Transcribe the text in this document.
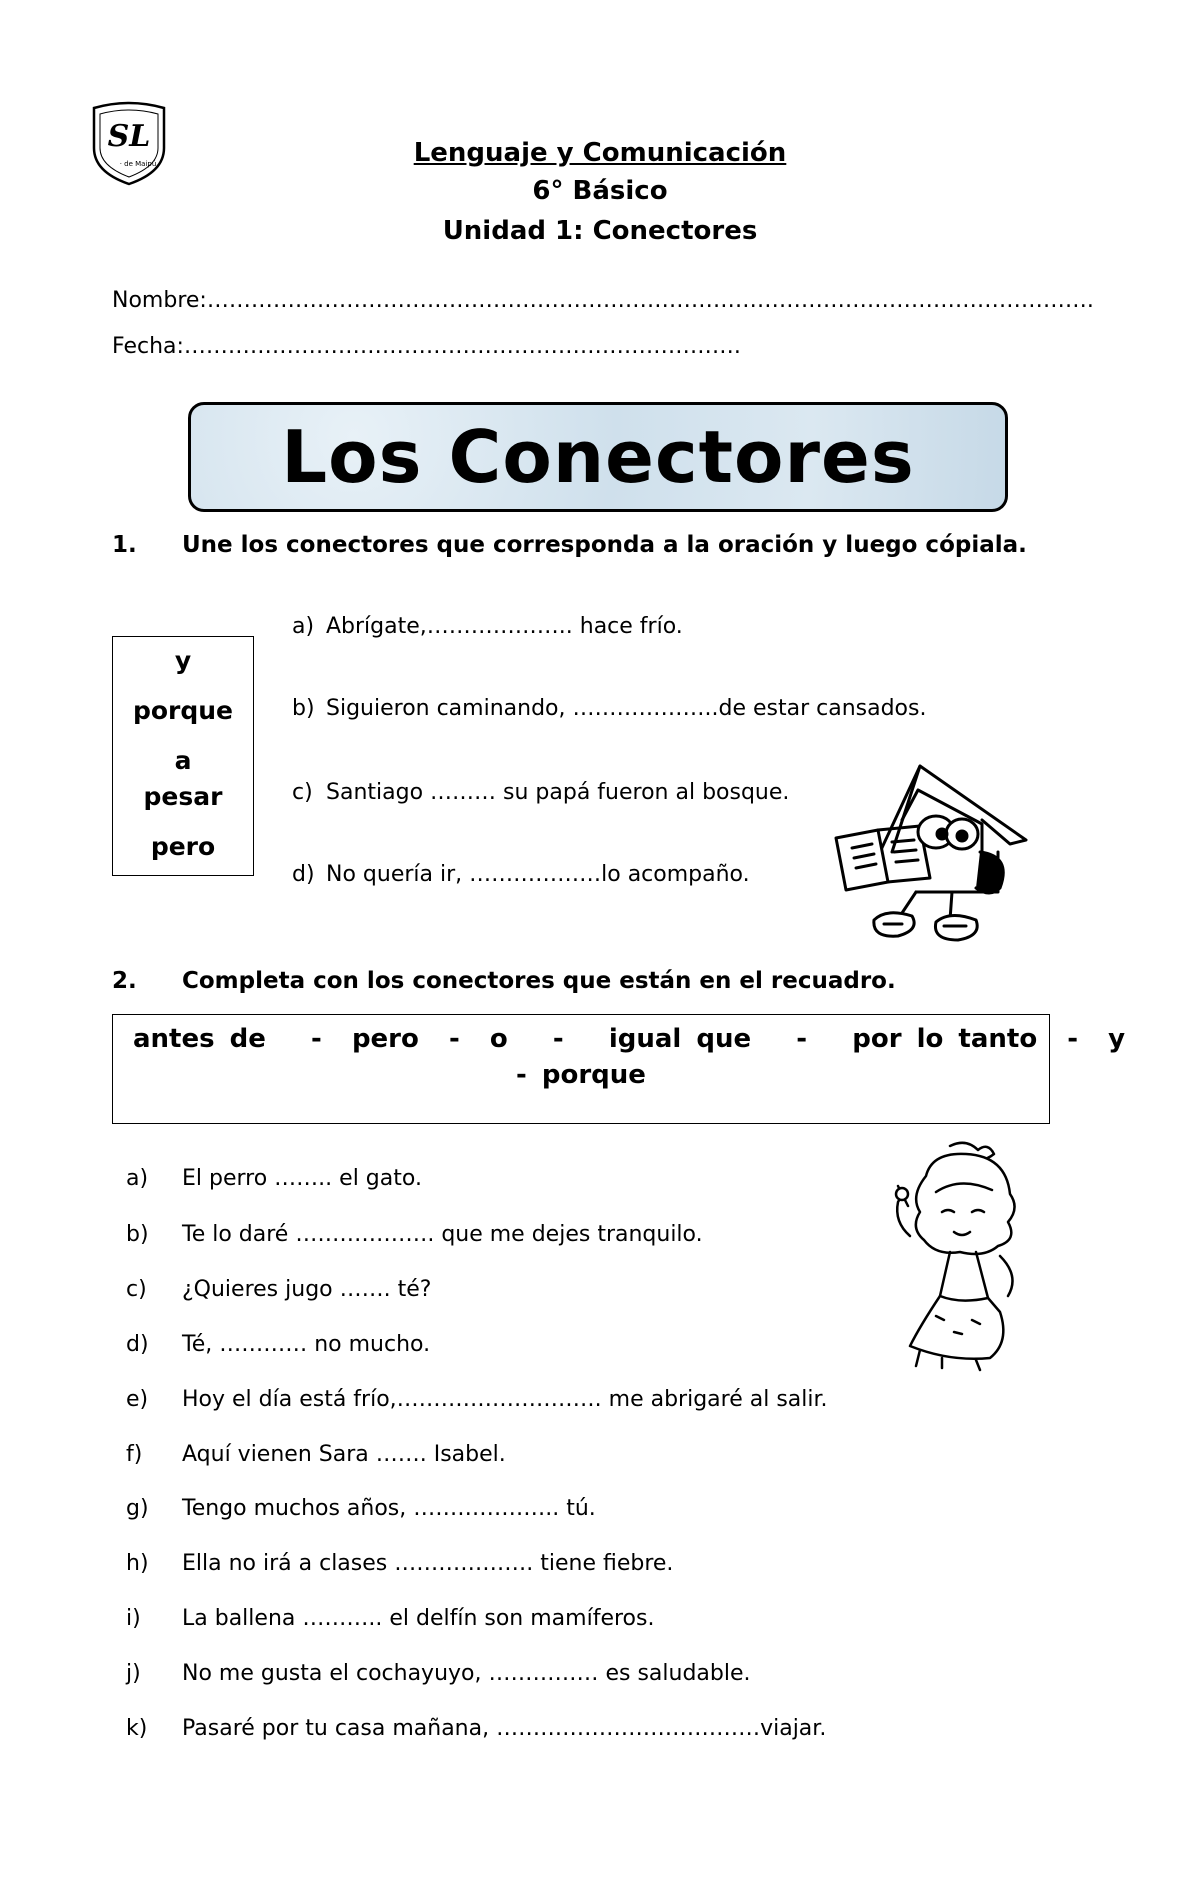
SL
· de Maipú	Lenguaje y Comunicación
6° Básico
Unidad 1: Conectores
Nombre:………………………………………………………………………………………………………….
Fecha:………………………………………………………………….
Los Conectores
1. Une los conectores que corresponda a la oración y luego cópiala.
y
porque
a
pesar
pero
a) Abrígate,……………….. hace frío.
b) Siguieron caminando, ………………..de estar cansados.
c) Santiago ……… su papá fueron al bosque.
d) No quería ir, ………………lo acompaño.
2. Completa con los conectores que están en el recuadro.
antes de   -  pero  -  o   -   igual que   -   por lo tanto  -  y
- porque
a) El perro …….. el gato.
b) Te lo daré ………………. que me dejes tranquilo.
c) ¿Quieres jugo ……. té?
d) Té, ………… no mucho.
e) Hoy el día está frío,………………………. me abrigaré al salir.
f) Aquí vienen Sara ……. Isabel.
g) Tengo muchos años, ……………….. tú.
h) Ella no irá a clases ………………. tiene fiebre.
i) La ballena ……….. el delfín son mamíferos.
j) No me gusta el cochayuyo, …………… es saludable.
k) Pasaré por tu casa mañana, ………………………………viajar.
